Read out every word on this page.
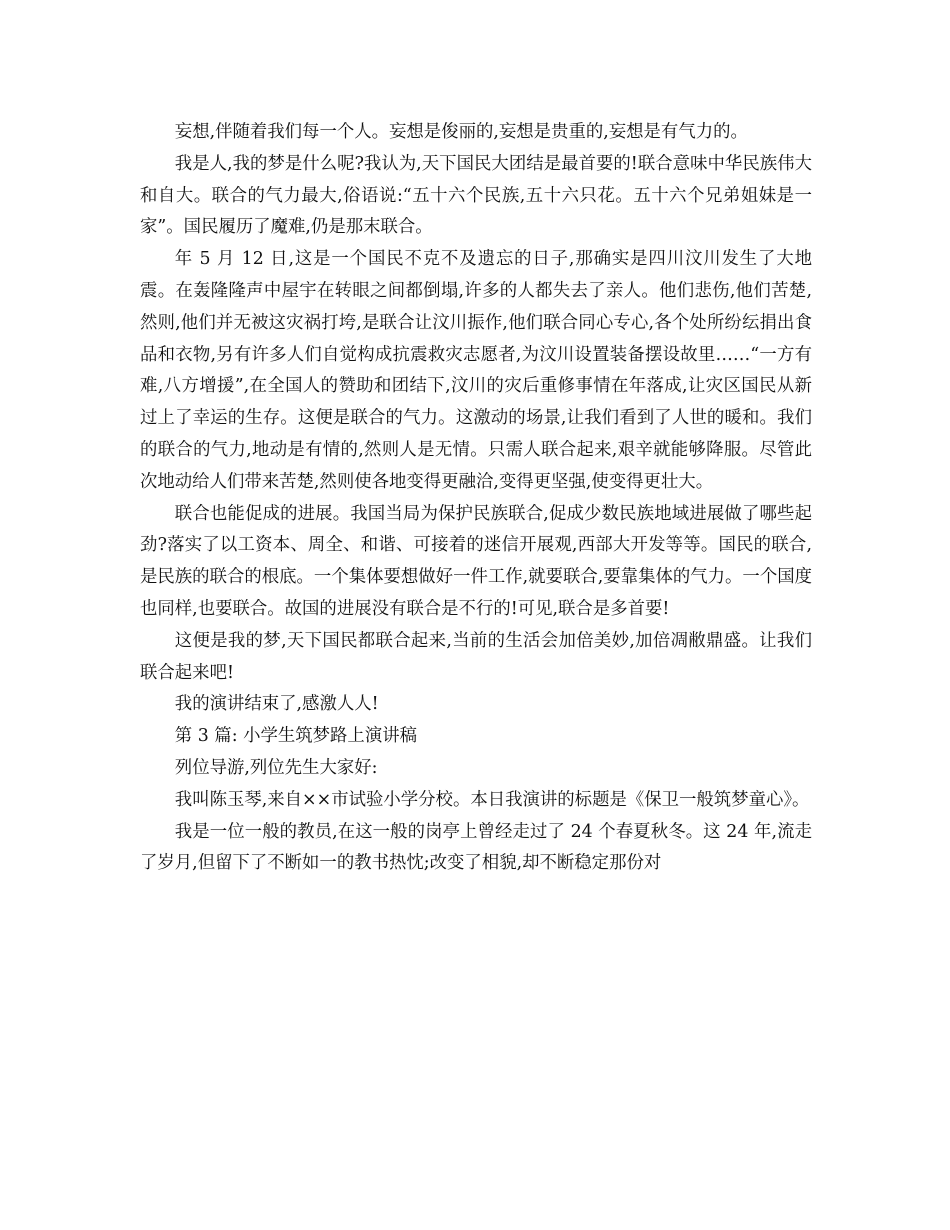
妄想,伴随着我们每一个人。妄想是俊丽的,妄想是贵重的,妄想是有气力的。

我是人,我的梦是什么呢?我认为,天下国民大团结是最首要的!联合意味中华民族伟大和自大。联合的气力最大,俗语说:“五十六个民族,五十六只花。五十六个兄弟姐妹是一家”。国民履历了魔难,仍是那末联合。

年 5 月 12 日,这是一个国民不克不及遗忘的日子,那确实是四川汶川发生了大地震。在轰隆隆声中屋宇在转眼之间都倒塌,许多的人都失去了亲人。他们悲伤,他们苦楚,然则,他们并无被这灾祸打垮,是联合让汶川振作,他们联合同心专心,各个处所纷纭捐出食品和衣物,另有许多人们自觉构成抗震救灾志愿者,为汶川设置装备摆设故里……“一方有难,八方增援”,在全国人的赞助和团结下,汶川的灾后重修事情在年落成,让灾区国民从新过上了幸运的生存。这便是联合的气力。这激动的场景,让我们看到了人世的暖和。我们的联合的气力,地动是有情的,然则人是无情。只需人联合起来,艰辛就能够降服。尽管此次地动给人们带来苦楚,然则使各地变得更融洽,变得更坚强,使变得更壮大。

联合也能促成的进展。我国当局为保护民族联合,促成少数民族地域进展做了哪些起劲?落实了以工资本、周全、和谐、可接着的迷信开展观,西部大开发等等。国民的联合,是民族的联合的根底。一个集体要想做好一件工作,就要联合,要靠集体的气力。一个国度也同样,也要联合。故国的进展没有联合是不行的!可见,联合是多首要!

这便是我的梦,天下国民都联合起来,当前的生活会加倍美妙,加倍凋敝鼎盛。让我们联合起来吧!

我的演讲结束了,感激人人!

第 3 篇: 小学生筑梦路上演讲稿

列位导游,列位先生大家好:

我叫陈玉琴,来自××市试验小学分校。本日我演讲的标题是《保卫一般筑梦童心》。

我是一位一般的教员,在这一般的岗亭上曾经走过了 24 个春夏秋冬。这 24 年,流走了岁月,但留下了不断如一的教书热忱;改变了相貌,却不断稳定那份对
